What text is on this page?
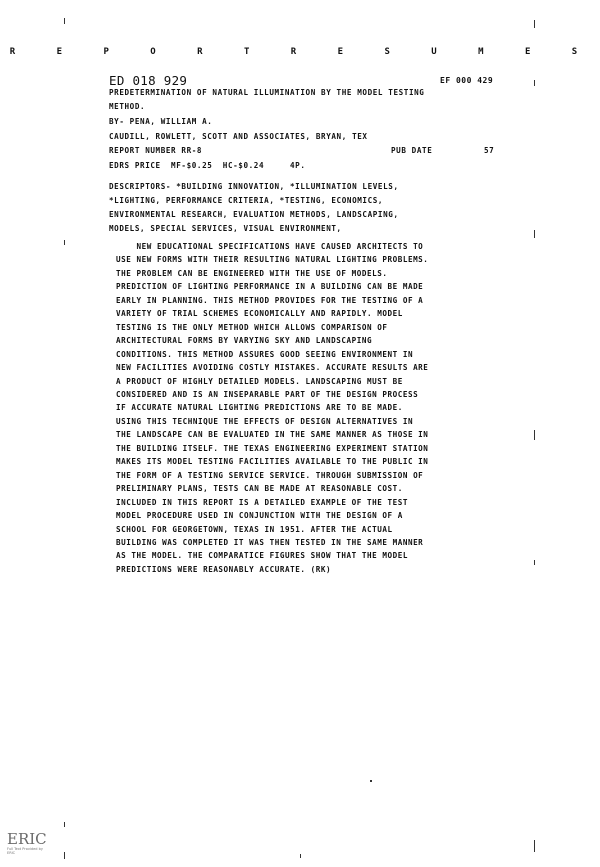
R E P O R T R E S U M E S
ED 018 929	EF 000 429
PREDETERMINATION OF NATURAL ILLUMINATION BY THE MODEL TESTING
METHOD.
BY- PENA, WILLIAM A.
CAUDILL, ROWLETT, SCOTT AND ASSOCIATES, BRYAN, TEX
REPORT NUMBER RR-8	PUB DATE	57
EDRS PRICE  MF-$0.25  HC-$0.24     4P.
DESCRIPTORS- *BUILDING INNOVATION, *ILLUMINATION LEVELS,
*LIGHTING, PERFORMANCE CRITERIA, *TESTING, ECONOMICS,
ENVIRONMENTAL RESEARCH, EVALUATION METHODS, LANDSCAPING,
MODELS, SPECIAL SERVICES, VISUAL ENVIRONMENT,
NEW EDUCATIONAL SPECIFICATIONS HAVE CAUSED ARCHITECTS TO
USE NEW FORMS WITH THEIR RESULTING NATURAL LIGHTING PROBLEMS.
THE PROBLEM CAN BE ENGINEERED WITH THE USE OF MODELS.
PREDICTION OF LIGHTING PERFORMANCE IN A BUILDING CAN BE MADE
EARLY IN PLANNING. THIS METHOD PROVIDES FOR THE TESTING OF A
VARIETY OF TRIAL SCHEMES ECONOMICALLY AND RAPIDLY. MODEL
TESTING IS THE ONLY METHOD WHICH ALLOWS COMPARISON OF
ARCHITECTURAL FORMS BY VARYING SKY AND LANDSCAPING
CONDITIONS. THIS METHOD ASSURES GOOD SEEING ENVIRONMENT IN
NEW FACILITIES AVOIDING COSTLY MISTAKES. ACCURATE RESULTS ARE
A PRODUCT OF HIGHLY DETAILED MODELS. LANDSCAPING MUST BE
CONSIDERED AND IS AN INSEPARABLE PART OF THE DESIGN PROCESS
IF ACCURATE NATURAL LIGHTING PREDICTIONS ARE TO BE MADE.
USING THIS TECHNIQUE THE EFFECTS OF DESIGN ALTERNATIVES IN
THE LANDSCAPE CAN BE EVALUATED IN THE SAME MANNER AS THOSE IN
THE BUILDING ITSELF. THE TEXAS ENGINEERING EXPERIMENT STATION
MAKES ITS MODEL TESTING FACILITIES AVAILABLE TO THE PUBLIC IN
THE FORM OF A TESTING SERVICE SERVICE. THROUGH SUBMISSION OF
PRELIMINARY PLANS, TESTS CAN BE MADE AT REASONABLE COST.
INCLUDED IN THIS REPORT IS A DETAILED EXAMPLE OF THE TEST
MODEL PROCEDURE USED IN CONJUNCTION WITH THE DESIGN OF A
SCHOOL FOR GEORGETOWN, TEXAS IN 1951. AFTER THE ACTUAL
BUILDING WAS COMPLETED IT WAS THEN TESTED IN THE SAME MANNER
AS THE MODEL. THE COMPARATICE FIGURES SHOW THAT THE MODEL
PREDICTIONS WERE REASONABLY ACCURATE. (RK)
ERIC
Full Text Provided by ERIC
